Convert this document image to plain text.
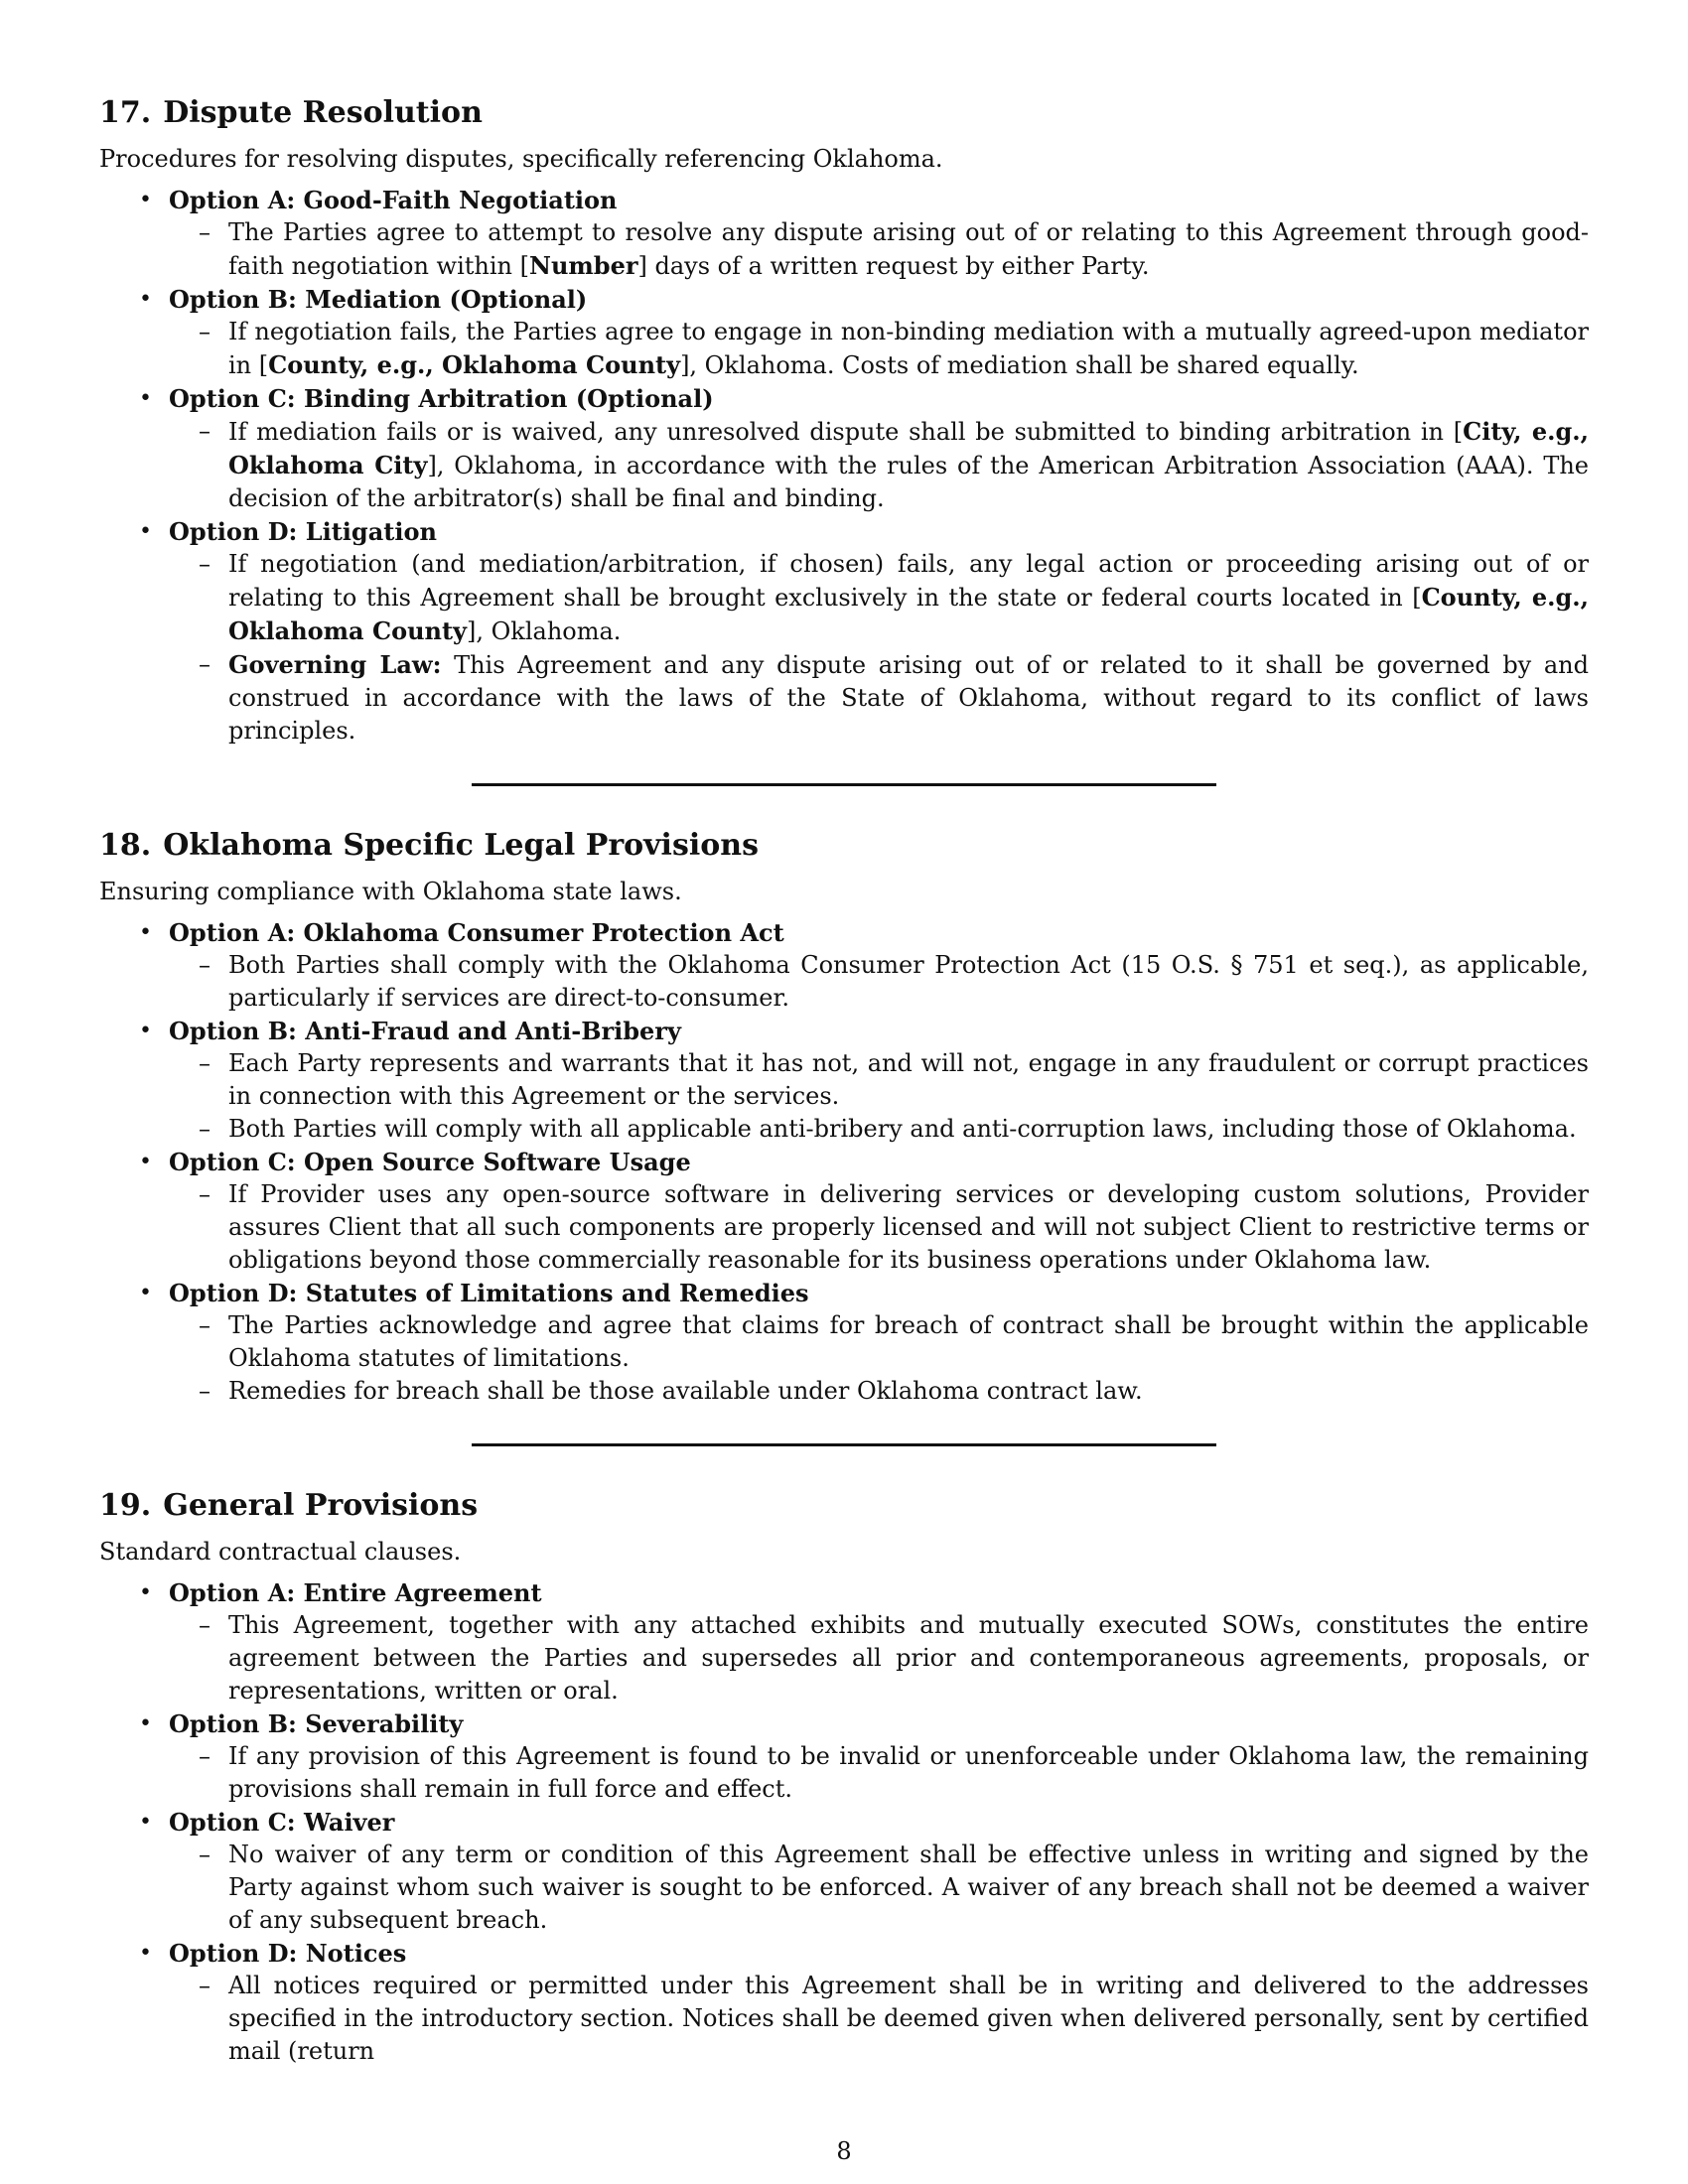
17. Dispute Resolution

Procedures for resolving disputes, specifically referencing Oklahoma.

• Option A: Good-Faith Negotiation
– The Parties agree to attempt to resolve any dispute arising out of or relating to this Agreement through good-faith negotiation within [Number] days of a written request by either Party.
• Option B: Mediation (Optional)
– If negotiation fails, the Parties agree to engage in non-binding mediation with a mutually agreed-upon mediator in [County, e.g., Oklahoma County], Oklahoma. Costs of mediation shall be shared equally.
• Option C: Binding Arbitration (Optional)
– If mediation fails or is waived, any unresolved dispute shall be submitted to binding arbitration in [City, e.g., Oklahoma City], Oklahoma, in accordance with the rules of the American Arbitration Association (AAA). The decision of the arbitrator(s) shall be final and binding.
• Option D: Litigation
– If negotiation (and mediation/arbitration, if chosen) fails, any legal action or proceeding arising out of or relating to this Agreement shall be brought exclusively in the state or federal courts located in [County, e.g., Oklahoma County], Oklahoma.
– Governing Law: This Agreement and any dispute arising out of or related to it shall be governed by and construed in accordance with the laws of the State of Oklahoma, without regard to its conflict of laws principles.
18. Oklahoma Specific Legal Provisions

Ensuring compliance with Oklahoma state laws.

• Option A: Oklahoma Consumer Protection Act
– Both Parties shall comply with the Oklahoma Consumer Protection Act (15 O.S. § 751 et seq.), as applicable, particularly if services are direct-to-consumer.
• Option B: Anti-Fraud and Anti-Bribery
– Each Party represents and warrants that it has not, and will not, engage in any fraudulent or corrupt practices in connection with this Agreement or the services.
– Both Parties will comply with all applicable anti-bribery and anti-corruption laws, including those of Oklahoma.
• Option C: Open Source Software Usage
– If Provider uses any open-source software in delivering services or developing custom solutions, Provider assures Client that all such components are properly licensed and will not subject Client to restrictive terms or obligations beyond those commercially reasonable for its business operations under Oklahoma law.
• Option D: Statutes of Limitations and Remedies
– The Parties acknowledge and agree that claims for breach of contract shall be brought within the applicable Oklahoma statutes of limitations.
– Remedies for breach shall be those available under Oklahoma contract law.
19. General Provisions

Standard contractual clauses.

• Option A: Entire Agreement
– This Agreement, together with any attached exhibits and mutually executed SOWs, constitutes the entire agreement between the Parties and supersedes all prior and contemporaneous agreements, proposals, or representations, written or oral.
• Option B: Severability
– If any provision of this Agreement is found to be invalid or unenforceable under Oklahoma law, the remaining provisions shall remain in full force and effect.
• Option C: Waiver
– No waiver of any term or condition of this Agreement shall be effective unless in writing and signed by the Party against whom such waiver is sought to be enforced. A waiver of any breach shall not be deemed a waiver of any subsequent breach.
• Option D: Notices
– All notices required or permitted under this Agreement shall be in writing and delivered to the addresses specified in the introductory section. Notices shall be deemed given when delivered personally, sent by certified mail (return
8
